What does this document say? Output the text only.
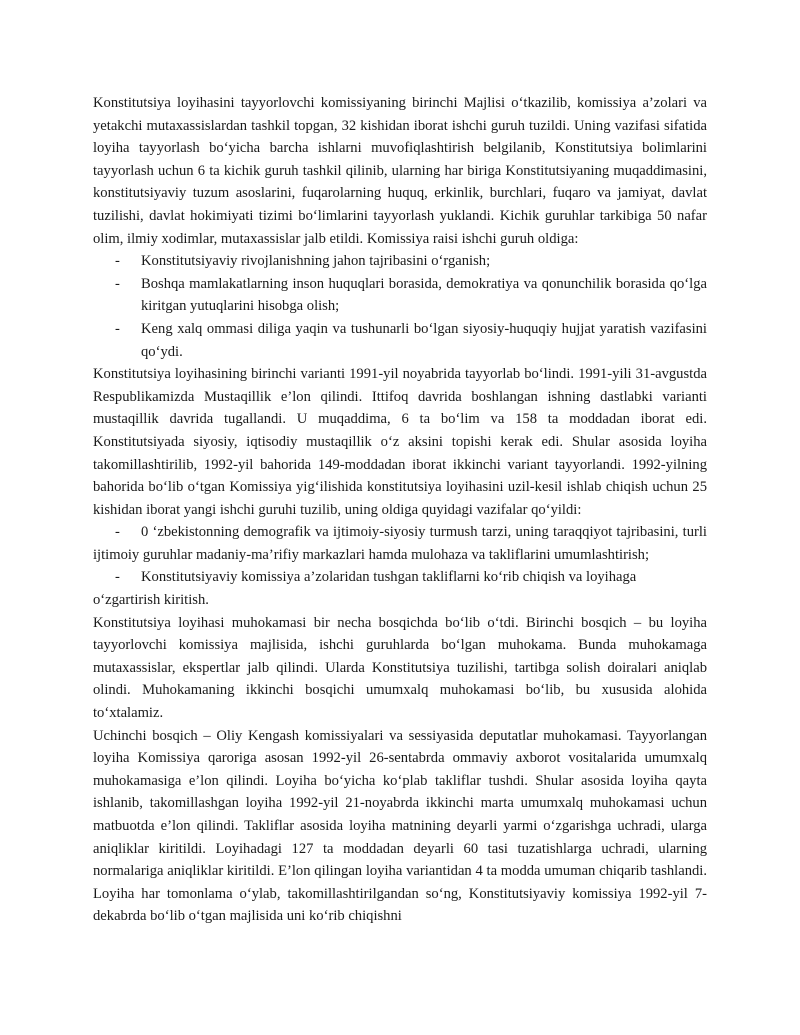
Konstitutsiya loyihasini tayyorlovchi komissiyaning birinchi Majlisi o‘tkazilib, komissiya a’zolari va yetakchi mutaxassislardan tashkil topgan, 32 kishidan iborat ishchi guruh tuzildi. Uning vazifasi sifatida loyiha tayyorlash bo‘yicha barcha ishlarni muvofiqlashtirish belgilanib, Konstitutsiya bolimlarini tayyorlash uchun 6 ta kichik guruh tashkil qilinib, ularning har biriga Konstitutsiyaning muqaddimasini, konstitutsiyaviy tuzum asoslarini, fuqarolarning huquq, erkinlik, burchlari, fuqaro va jamiyat, davlat tuzilishi, davlat hokimiyati tizimi bo‘limlarini tayyorlash yuklandi. Kichik guruhlar tarkibiga 50 nafar olim, ilmiy xodimlar, mutaxassislar jalb etildi. Komissiya raisi ishchi guruh oldiga:

- Konstitutsiyaviy rivojlanishning jahon tajribasini o‘rganish;
- Boshqa mamlakatlarning inson huquqlari borasida, demokratiya va qonunchilik borasida qo‘lga kiritgan yutuqlarini hisobga olish;
- Keng xalq ommasi diliga yaqin va tushunarli bo‘lgan siyosiy-huquqiy hujjat yaratish vazifasini qo‘ydi.

Konstitutsiya loyihasining birinchi varianti 1991-yil noyabrida tayyorlab bo‘lindi. 1991-yili 31-avgustda Respublikamizda Mustaqillik e’lon qilindi. Ittifoq davrida boshlangan ishning dastlabki varianti mustaqillik davrida tugallandi. U muqaddima, 6 ta bo‘lim va 158 ta moddadan iborat edi. Konstitutsiyada siyosiy, iqtisodiy mustaqillik o‘z aksini topishi kerak edi. Shular asosida loyiha takomillashtirilib, 1992-yil bahorida 149-moddadan iborat ikkinchi variant tayyorlandi. 1992-yilning bahorida bo‘lib o‘tgan Komissiya yig‘ilishida konstitutsiya loyihasini uzil-kesil ishlab chiqish uchun 25 kishidan iborat yangi ishchi guruhi tuzilib, uning oldiga quyidagi vazifalar qo‘yildi:

- 0 ‘zbekistonning demografik va ijtimoiy-siyosiy turmush tarzi, uning taraqqiyot tajribasini, turli ijtimoiy guruhlar madaniy-ma’rifiy markazlari hamda mulohaza va takliflarini umumlashtirish;
- Konstitutsiyaviy komissiya a’zolaridan tushgan takliflarni ko‘rib chiqish va loyihaga o‘zgartirish kiritish.

Konstitutsiya loyihasi muhokamasi bir necha bosqichda bo‘lib o‘tdi. Birinchi bosqich – bu loyiha tayyorlovchi komissiya majlisida, ishchi guruhlarda bo‘lgan muhokama. Bunda muhokamaga mutaxassislar, ekspertlar jalb qilindi. Ularda Konstitutsiya tuzilishi, tartibga solish doiralari aniqlab olindi. Muhokamaning ikkinchi bosqichi umumxalq muhokamasi bo‘lib, bu xususida alohida to‘xtalamiz.

Uchinchi bosqich – Oliy Kengash komissiyalari va sessiyasida deputatlar muhokamasi. Tayyorlangan loyiha Komissiya qaroriga asosan 1992-yil 26-sentabrda ommaviy axborot vositalarida umumxalq muhokamasiga e’lon qilindi. Loyiha bo‘yicha ko‘plab takliflar tushdi. Shular asosida loyiha qayta ishlanib, takomillashgan loyiha 1992-yil 21-noyabrda ikkinchi marta umumxalq muhokamasi uchun matbuotda e’lon qilindi. Takliflar asosida loyiha matnining deyarli yarmi o‘zgarishga uchradi, ularga aniqliklar kiritildi. Loyihadagi 127 ta moddadan deyarli 60 tasi tuzatishlarga uchradi, ularning normalariga aniqliklar kiritildi. E’lon qilingan loyiha variantidan 4 ta modda umuman chiqarib tashlandi. Loyiha har tomonlama o‘ylab, takomillashtirilgandan so‘ng, Konstitutsiyaviy komissiya 1992-yil 7-dekabrda bo‘lib o‘tgan majlisida uni ko‘rib chiqishni
